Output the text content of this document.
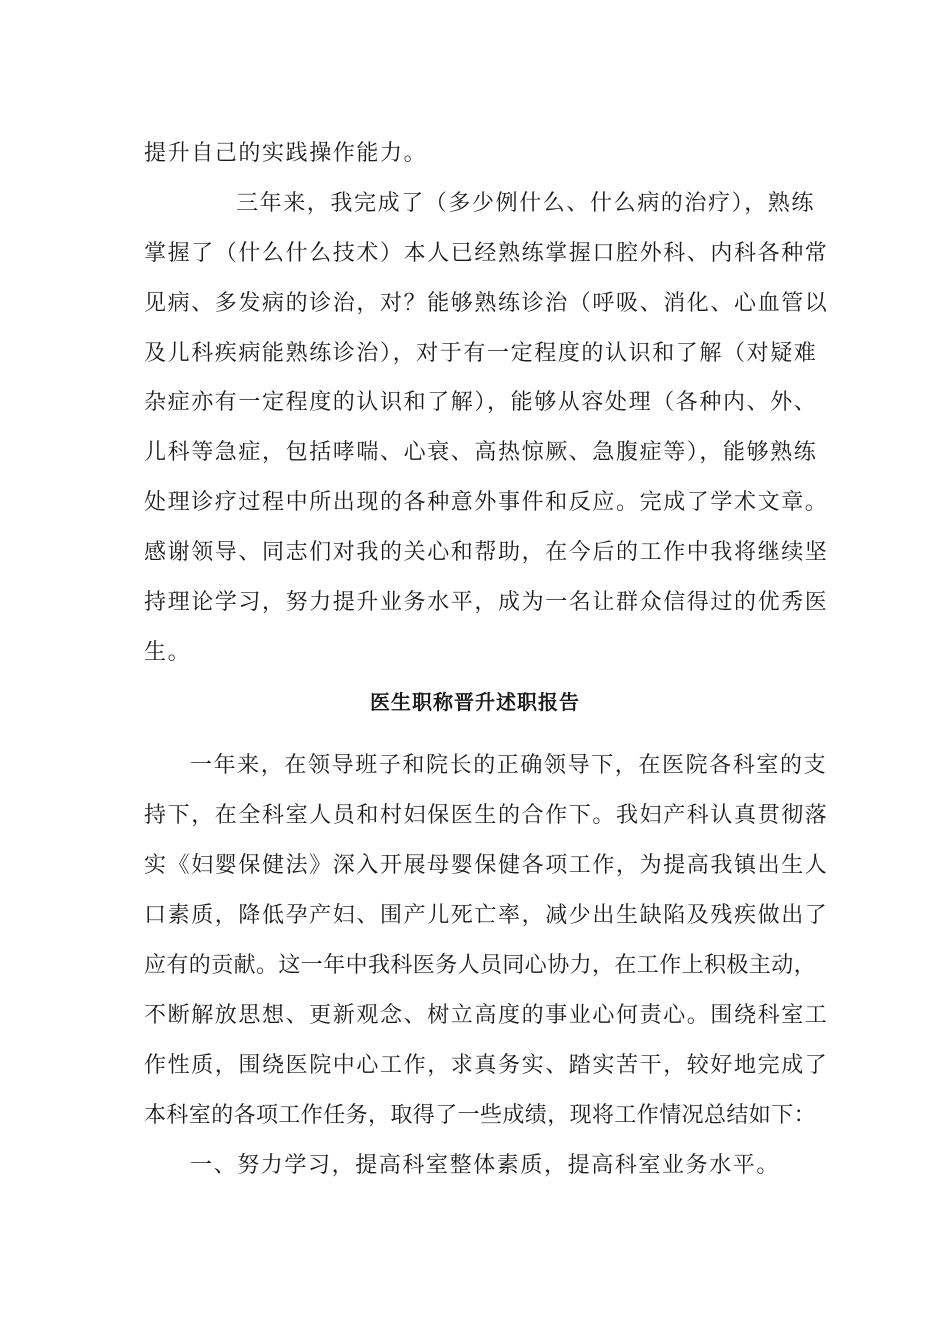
提升自己的实践操作能力。
三年来，我完成了（多少例什么、什么病的治疗），熟练
掌握了（什么什么技术）本人已经熟练掌握口腔外科、内科各种常
见病、多发病的诊治，对？能够熟练诊治（呼吸、消化、心血管以
及儿科疾病能熟练诊治），对于有一定程度的认识和了解（对疑难
杂症亦有一定程度的认识和了解），能够从容处理（各种内、外、
儿科等急症，包括哮喘、心衰、高热惊厥、急腹症等），能够熟练
处理诊疗过程中所出现的各种意外事件和反应。完成了学术文章。
感谢领导、同志们对我的关心和帮助，在今后的工作中我将继续坚
持理论学习，努力提升业务水平，成为一名让群众信得过的优秀医
生。
医生职称晋升述职报告
一年来，在领导班子和院长的正确领导下，在医院各科室的支
持下，在全科室人员和村妇保医生的合作下。我妇产科认真贯彻落
实《妇婴保健法》深入开展母婴保健各项工作，为提高我镇出生人
口素质，降低孕产妇、围产儿死亡率，减少出生缺陷及残疾做出了
应有的贡献。这一年中我科医务人员同心协力，在工作上积极主动，
不断解放思想、更新观念、树立高度的事业心何责心。围绕科室工
作性质，围绕医院中心工作，求真务实、踏实苦干，较好地完成了
本科室的各项工作任务，取得了一些成绩，现将工作情况总结如下：
一、努力学习，提高科室整体素质，提高科室业务水平。
